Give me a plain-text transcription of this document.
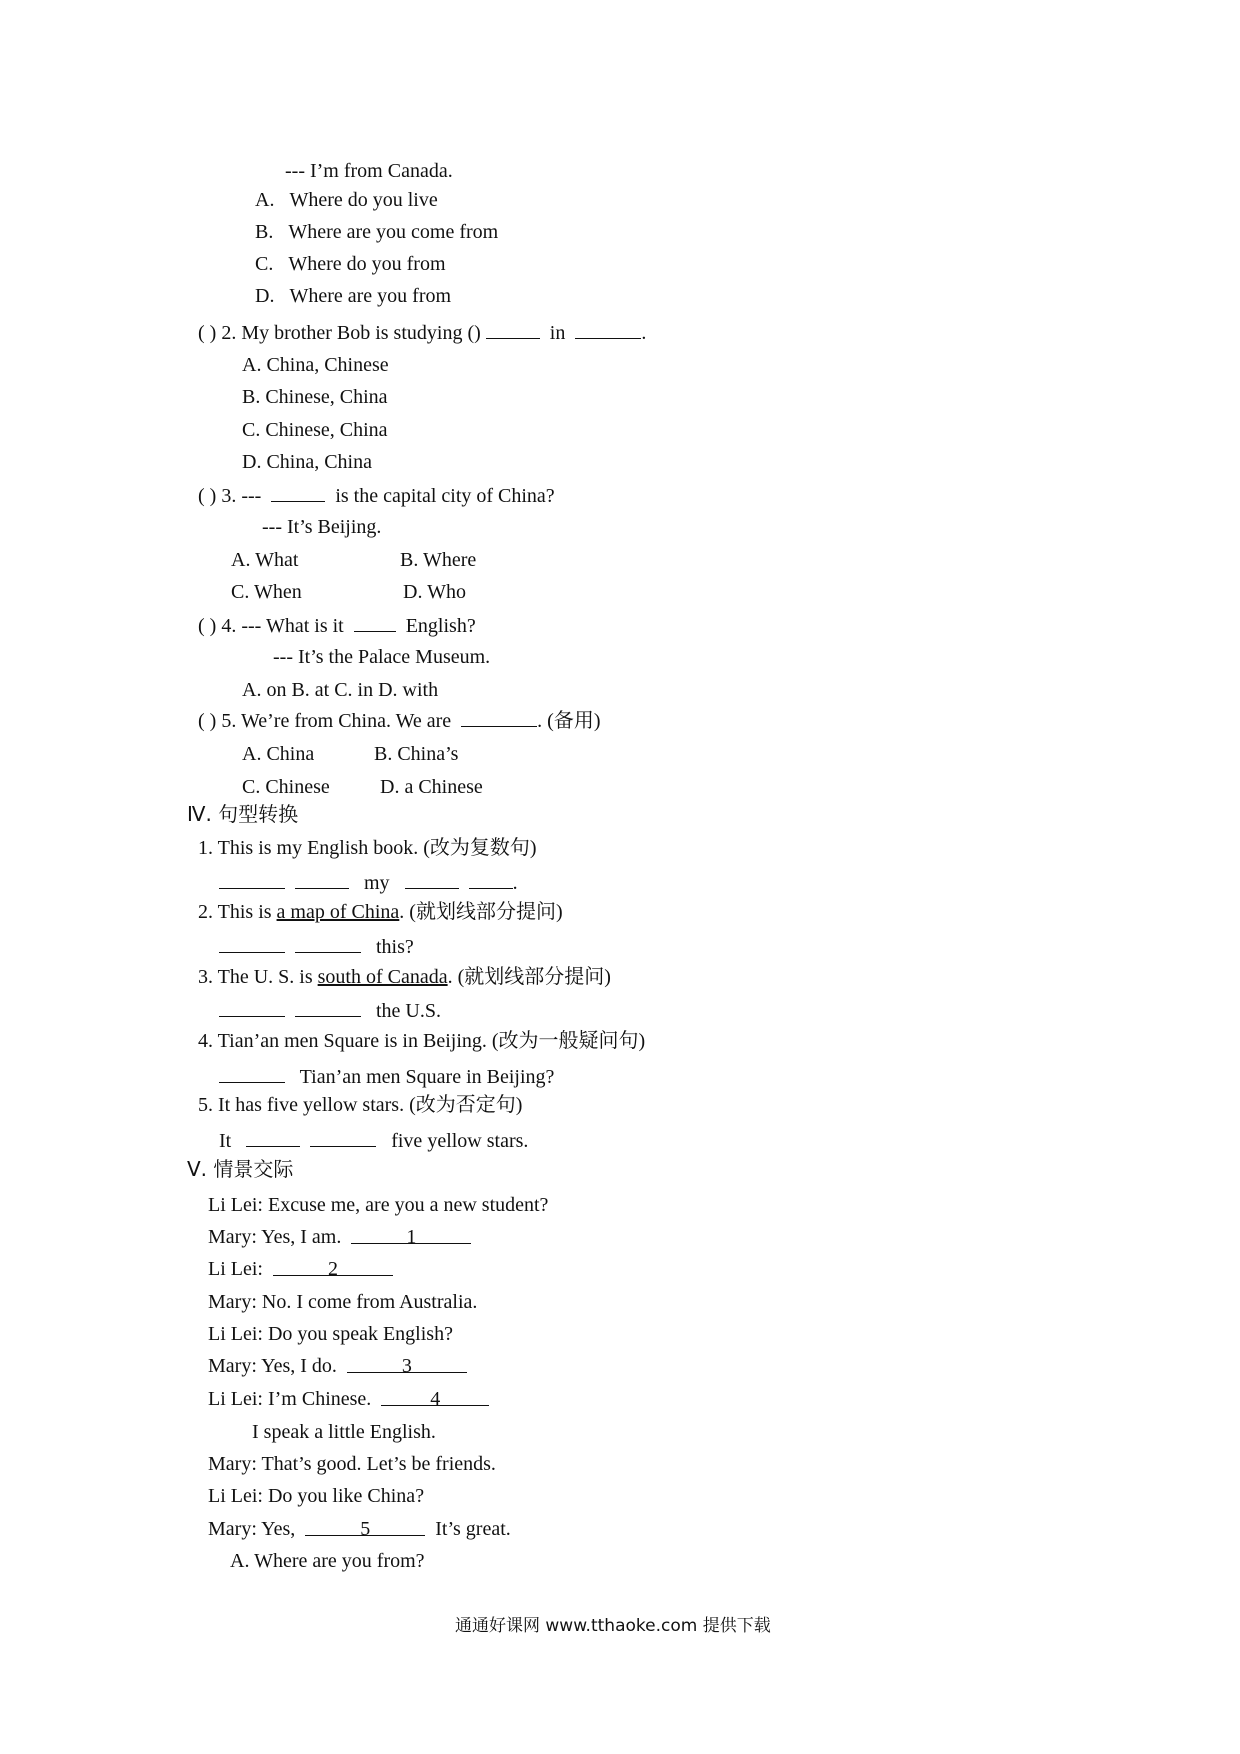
--- I’m from Canada.
A. Where do you live
B. Where are you come from
C. Where do you from
D. Where are you from
( ) 2. My brother Bob is studying ()	in	.
A. China, Chinese
B. Chinese, China
C. Chinese, China
D. China, China
( ) 3. ---	is the capital city of China?
--- It’s Beijing.
A. What	B. Where
C. When	D. Who
( ) 4. --- What is it	English?
--- It’s the Palace Museum.
A. on B. at C. in D. with
( ) 5. We’re from China. We are	. (备用)
A. China	B. China’s
C. Chinese	D. a Chinese
Ⅳ. 句型转换
1. This is my English book. (改为复数句)
my	.
2. This is a map of China. (就划线部分提问)
this?
3. The U. S. is south of Canada. (就划线部分提问)
the U.S.
4. Tian’an men Square is in Beijing. (改为一般疑问句)
Tian’an men Square in Beijing?
5. It has five yellow stars. (改为否定句)
It	five yellow stars.
Ⅴ. 情景交际
Li Lei: Excuse me, are you a new student?
Mary: Yes, I am.	1
Li Lei:	2
Mary: No. I come from Australia.
Li Lei: Do you speak English?
Mary: Yes, I do.	3
Li Lei: I’m Chinese.	4
I speak a little English.
Mary: That’s good. Let’s be friends.
Li Lei: Do you like China?
Mary: Yes,	5	It’s great.
A. Where are you from?
通通好课网 www.tthaoke.com 提供下载
